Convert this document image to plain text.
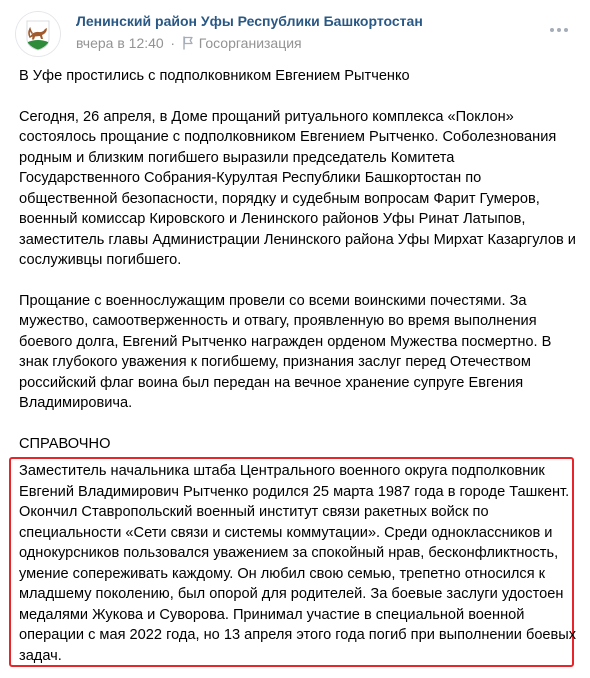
Ленинский район Уфы Республики Башкортостан
вчера в 12:40 ·	Госорганизация

В Уфе простились с подполковником Евгением Рытченко

Сегодня, 26 апреля, в Доме прощаний ритуального комплекса «Поклон» состоялось прощание с подполковником Евгением Рытченко. Соболезнования родным и близким погибшего выразили председатель Комитета Государственного Собрания-Курултая Республики Башкортостан по общественной безопасности, порядку и судебным вопросам Фарит Гумеров, военный комиссар Кировского и Ленинского районов Уфы Ринат Латыпов, заместитель главы Администрации Ленинского района Уфы Мирхат Казаргулов и сослуживцы погибшего.

Прощание с военнослужащим провели со всеми воинскими почестями. За мужество, самоотверженность и отвагу, проявленную во время выполнения боевого долга, Евгений Рытченко награжден орденом Мужества посмертно. В знак глубокого уважения к погибшему, признания заслуг перед Отечеством российский флаг воина был передан на вечное хранение супруге Евгения Владимировича.

СПРАВОЧНО

Заместитель начальника штаба Центрального военного округа подполковник Евгений Владимирович Рытченко родился 25 марта 1987 года в городе Ташкент. Окончил Ставропольский военный институт связи ракетных войск по специальности «Сети связи и системы коммутации». Среди одноклассников и однокурсников пользовался уважением за спокойный нрав, бесконфликтность, умение сопереживать каждому. Он любил свою семью, трепетно относился к младшему поколению, был опорой для родителей. За боевые заслуги удостоен медалями Жукова и Суворова. Принимал участие в специальной военной операции с мая 2022 года, но 13 апреля этого года погиб при выполнении боевых задач.
